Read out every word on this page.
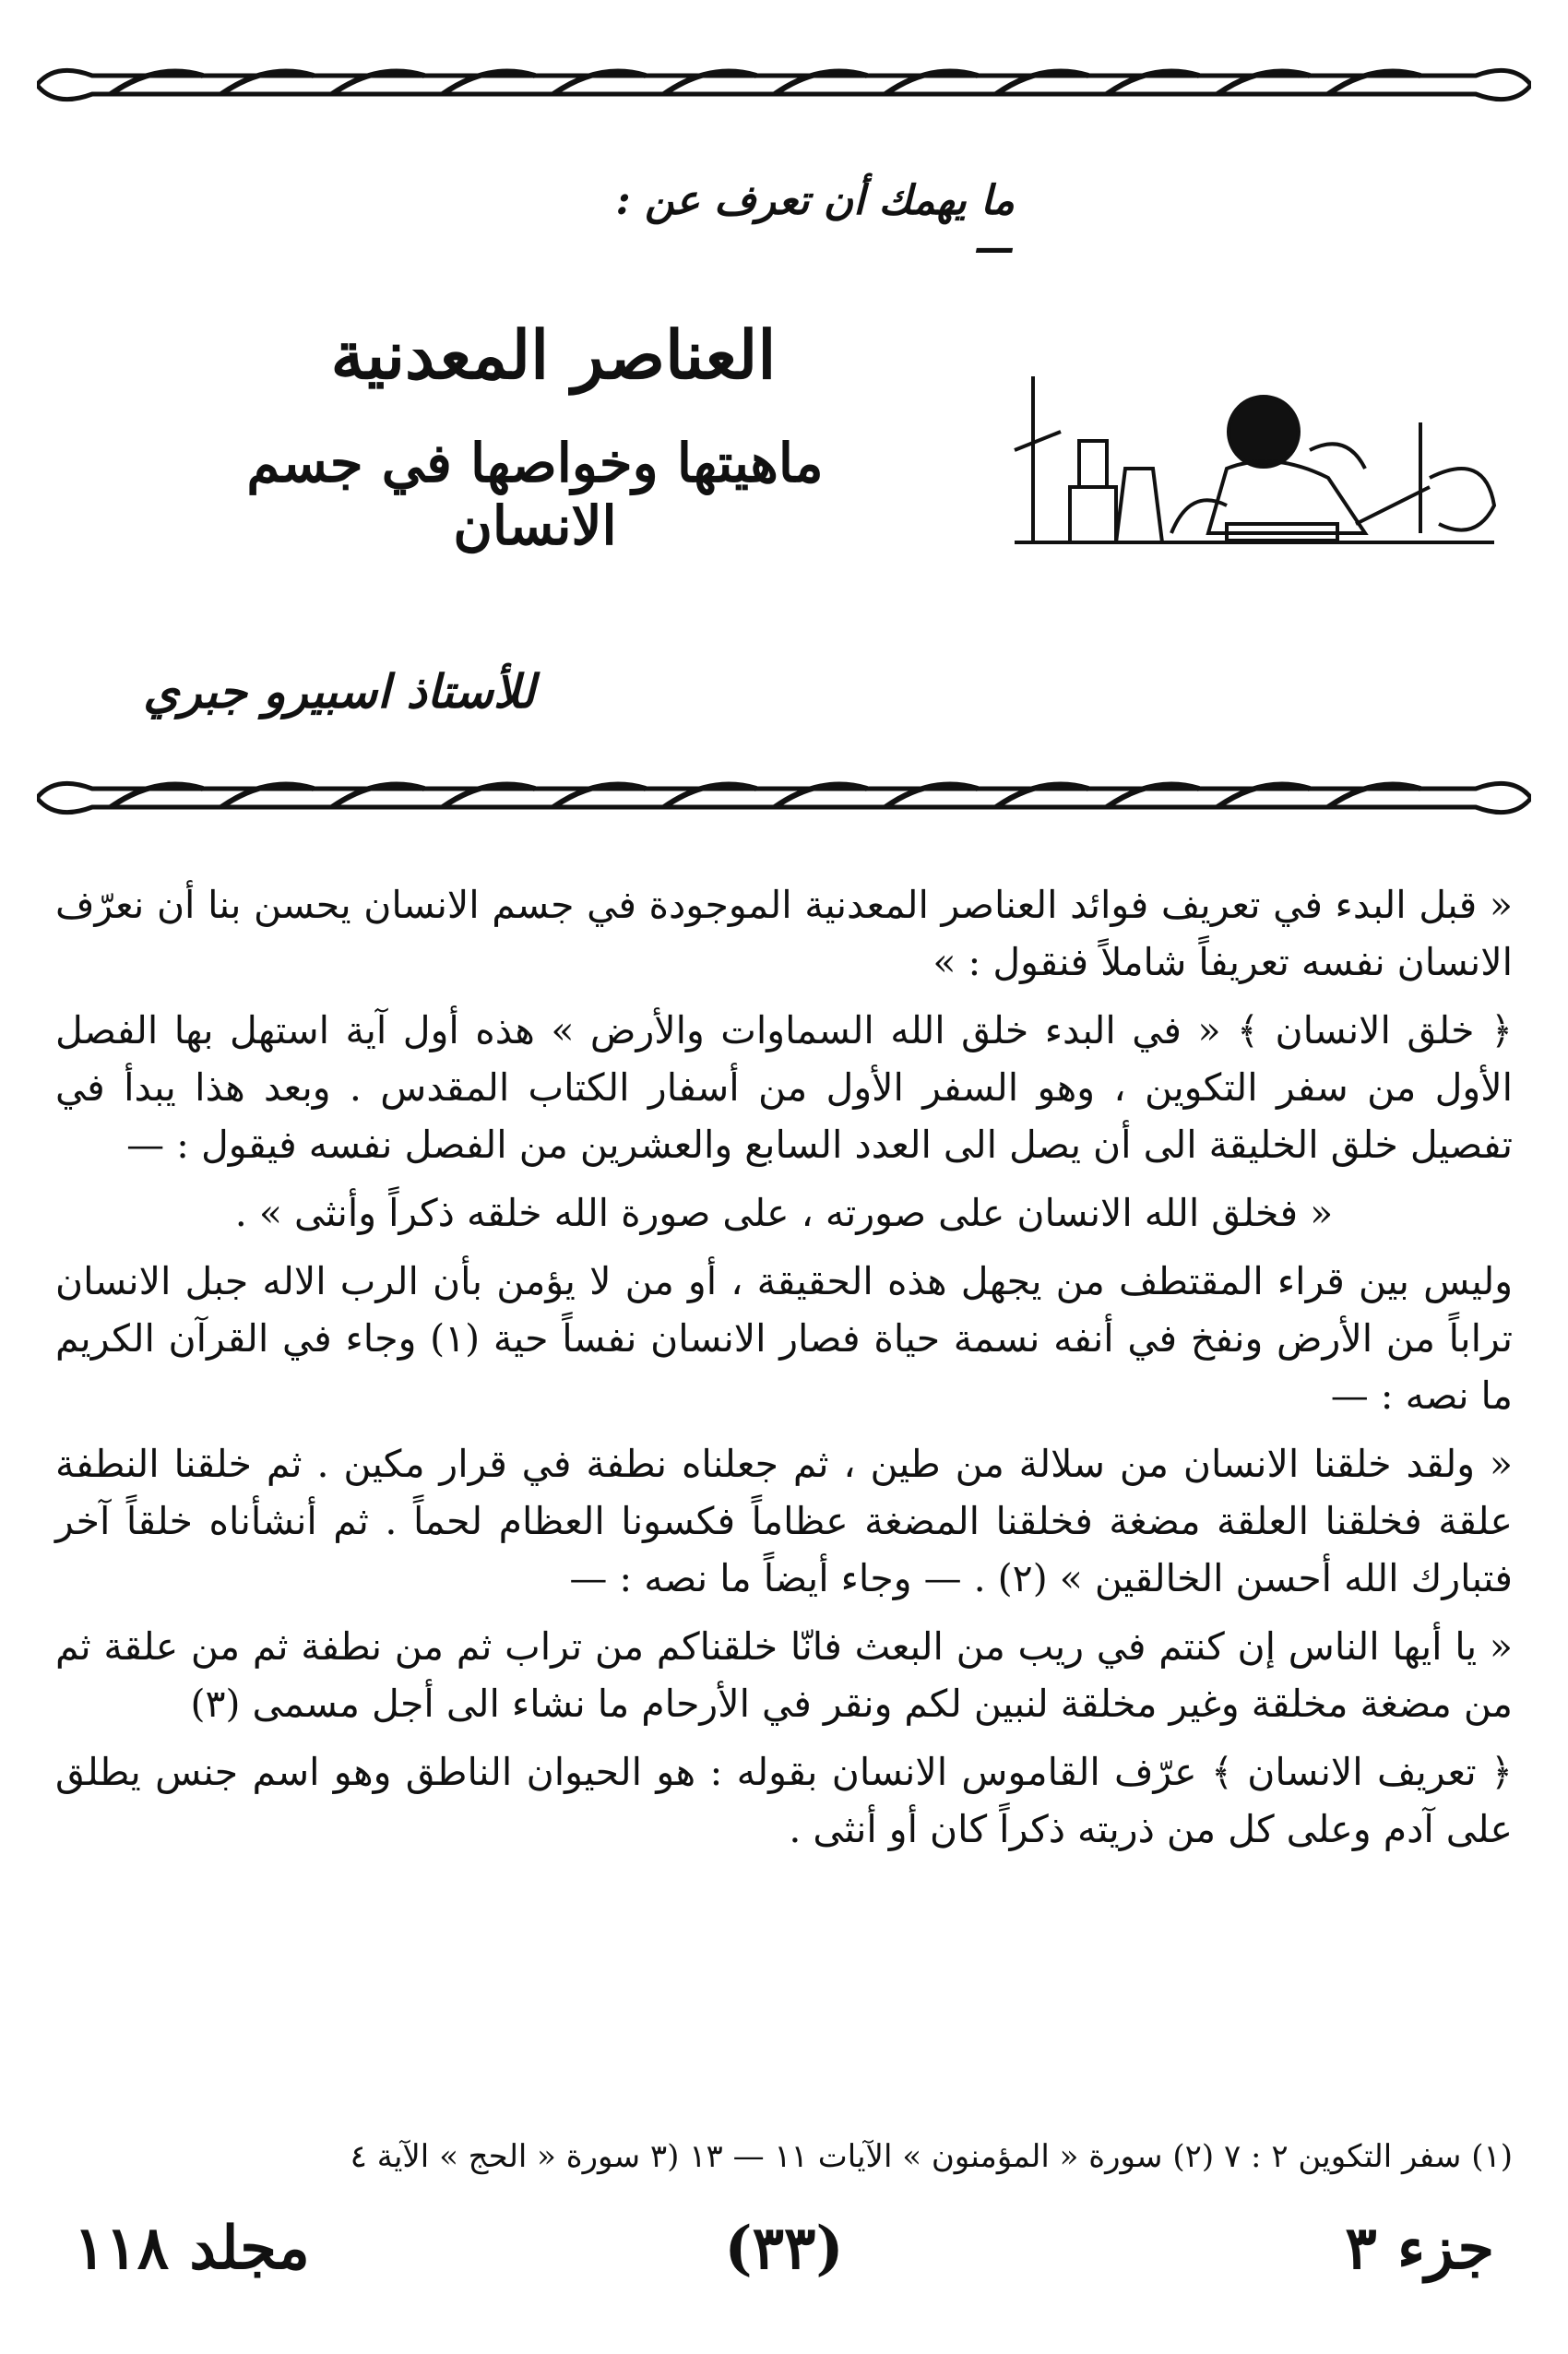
ما يهمك أن تعرف عن : —
العناصر المعدنية
ماهيتها وخواصها في جسم الانسان
للأستاذ اسبيرو جبري

« قبل البدء في تعريف فوائد العناصر المعدنية الموجودة في جسم الانسان يحسن بنا أن نعرّف الانسان نفسه تعريفاً شاملاً فنقول : »

﴿ خلق الانسان ﴾ « في البدء خلق الله السماوات والأرض » هذه أول آية استهل بها الفصل الأول من سفر التكوين ، وهو السفر الأول من أسفار الكتاب المقدس . وبعد هذا يبدأ في تفصيل خلق الخليقة الى أن يصل الى العدد السابع والعشرين من الفصل نفسه فيقول : —

« فخلق الله الانسان على صورته ، على صورة الله خلقه ذكراً وأنثى » .

وليس بين قراء المقتطف من يجهل هذه الحقيقة ، أو من لا يؤمن بأن الرب الاله جبل الانسان تراباً من الأرض ونفخ في أنفه نسمة حياة فصار الانسان نفساً حية (١) وجاء في القرآن الكريم ما نصه : —

« ولقد خلقنا الانسان من سلالة من طين ، ثم جعلناه نطفة في قرار مكين . ثم خلقنا النطفة علقة فخلقنا العلقة مضغة فخلقنا المضغة عظاماً فكسونا العظام لحماً . ثم أنشأناه خلقاً آخر فتبارك الله أحسن الخالقين » (٢) . — وجاء أيضاً ما نصه : —

« يا أيها الناس إن كنتم في ريب من البعث فانّا خلقناكم من تراب ثم من نطفة ثم من علقة ثم من مضغة مخلقة وغير مخلقة لنبين لكم ونقر في الأرحام ما نشاء الى أجل مسمى (٣)

﴿ تعريف الانسان ﴾ عرّف القاموس الانسان بقوله : هو الحيوان الناطق وهو اسم جنس يطلق على آدم وعلى كل من ذريته ذكراً كان أو أنثى .

(١) سفر التكوين ٢ : ٧ (٢) سورة « المؤمنون » الآيات ١١ — ١٣ (٣ سورة « الحج » الآية ٤
جزء ٣
(٣٣)
مجلد ١١٨
